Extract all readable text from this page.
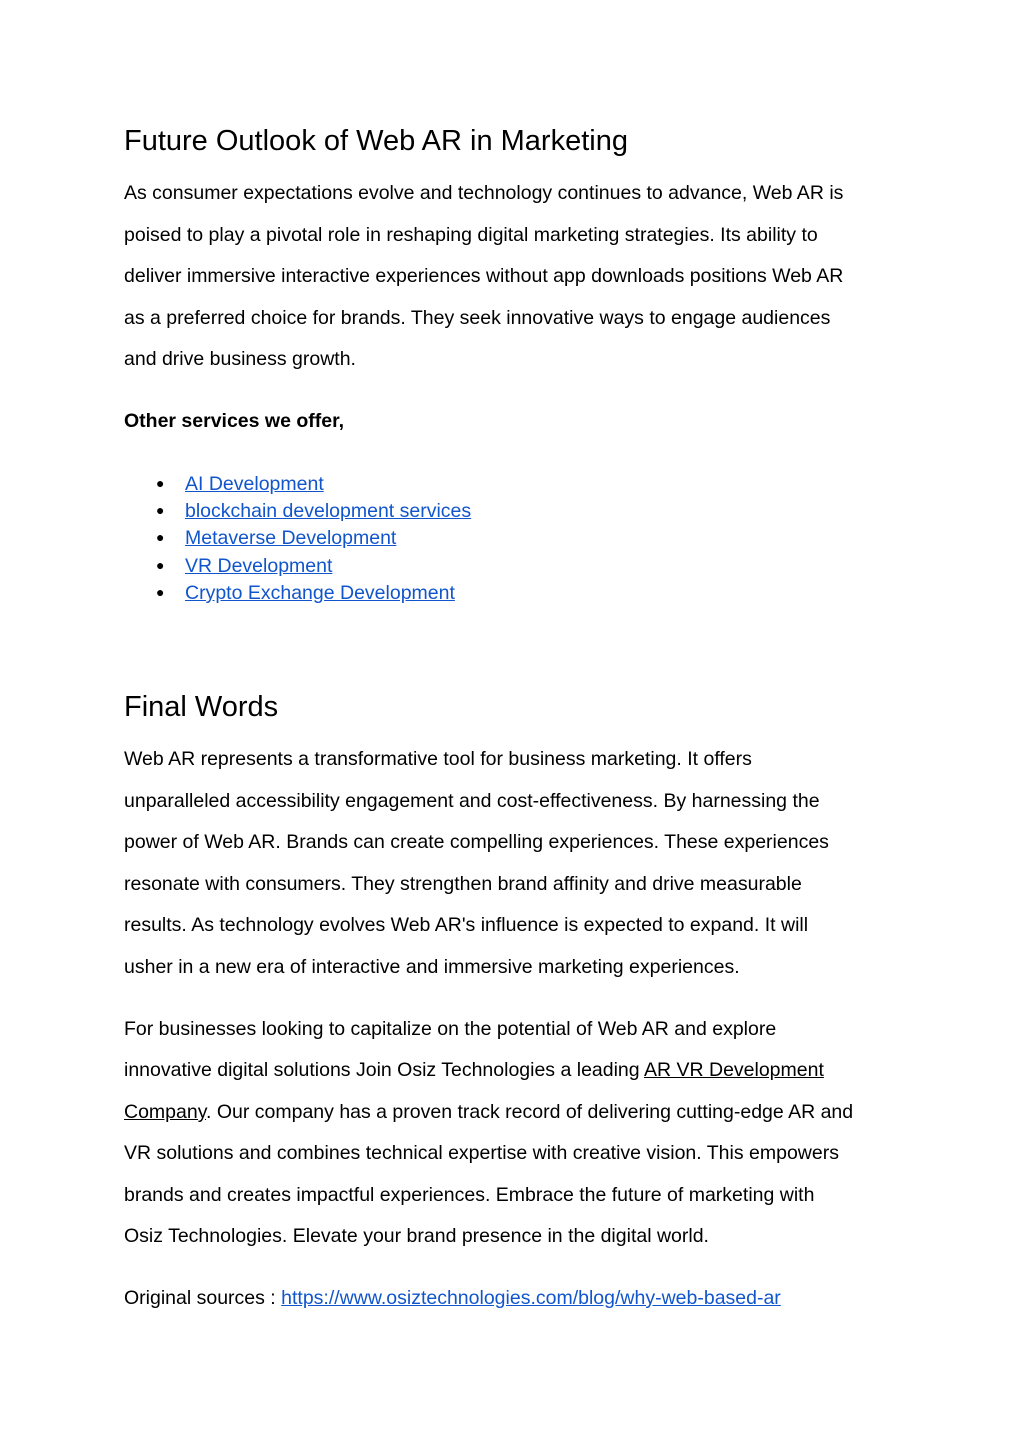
Future Outlook of Web AR in Marketing
As consumer expectations evolve and technology continues to advance, Web AR is
poised to play a pivotal role in reshaping digital marketing strategies. Its ability to
deliver immersive interactive experiences without app downloads positions Web AR
as a preferred choice for brands. They seek innovative ways to engage audiences
and drive business growth.
Other services we offer,
● AI Development
● blockchain development services
● Metaverse Development
● VR Development
● Crypto Exchange Development
Final Words
Web AR represents a transformative tool for business marketing. It offers
unparalleled accessibility engagement and cost-effectiveness. By harnessing the
power of Web AR. Brands can create compelling experiences. These experiences
resonate with consumers. They strengthen brand affinity and drive measurable
results. As technology evolves Web AR's influence is expected to expand. It will
usher in a new era of interactive and immersive marketing experiences.
For businesses looking to capitalize on the potential of Web AR and explore
innovative digital solutions Join Osiz Technologies a leading AR VR Development
Company. Our company has a proven track record of delivering cutting-edge AR and
VR solutions and combines technical expertise with creative vision. This empowers
brands and creates impactful experiences. Embrace the future of marketing with
Osiz Technologies. Elevate your brand presence in the digital world.
Original sources : https://www.osiztechnologies.com/blog/why-web-based-ar
